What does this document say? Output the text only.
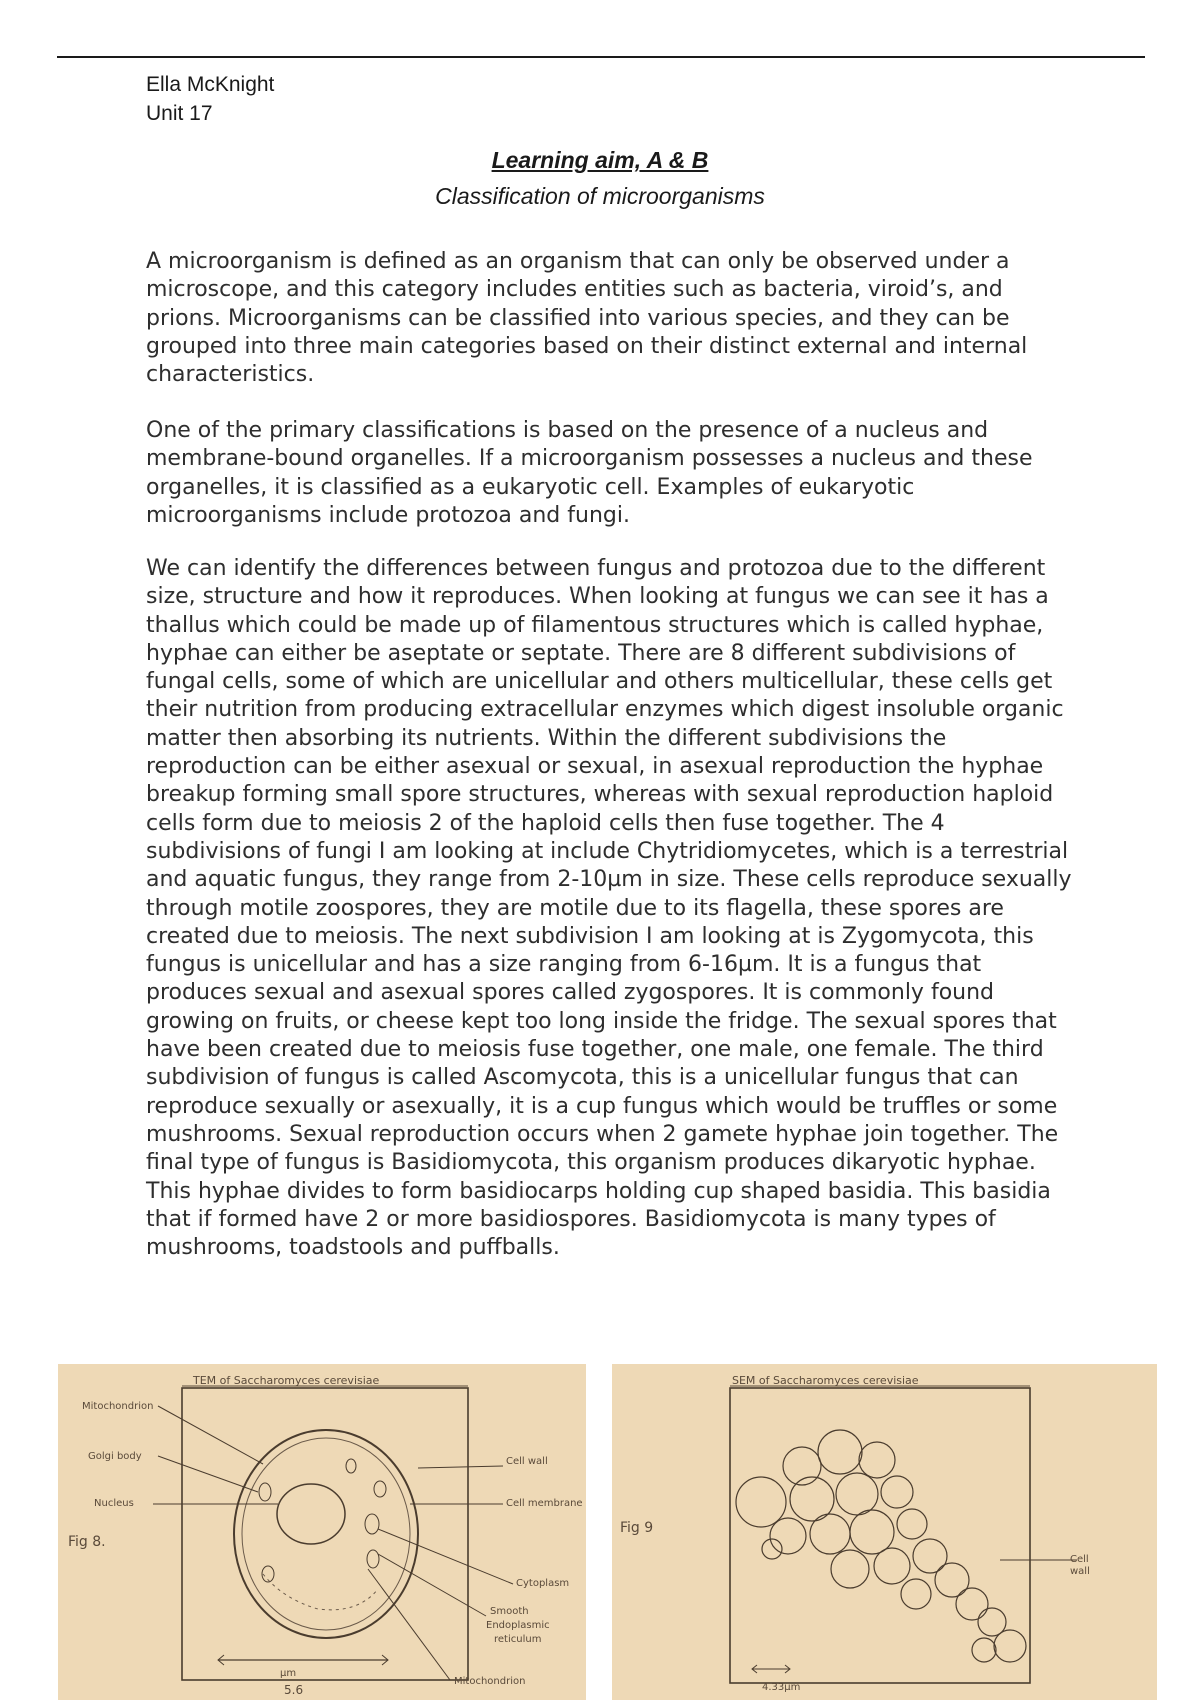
Ella McKnight
Unit 17
Learning aim, A & B
Classification of microorganisms
A microorganism is defined as an organism that can only be observed under a microscope, and this category includes entities such as bacteria, viroid’s, and prions. Microorganisms can be classified into various species, and they can be grouped into three main categories based on their distinct external and internal characteristics.
One of the primary classifications is based on the presence of a nucleus and membrane-bound organelles. If a microorganism possesses a nucleus and these organelles, it is classified as a eukaryotic cell. Examples of eukaryotic microorganisms include protozoa and fungi.
We can identify the differences between fungus and protozoa due to the different size, structure and how it reproduces. When looking at fungus we can see it has a thallus which could be made up of filamentous structures which is called hyphae, hyphae can either be aseptate or septate. There are 8 different subdivisions of fungal cells, some of which are unicellular and others multicellular, these cells get their nutrition from producing extracellular enzymes which digest insoluble organic matter then absorbing its nutrients. Within the different subdivisions the reproduction can be either asexual or sexual, in asexual reproduction the hyphae breakup forming small spore structures, whereas with sexual reproduction haploid cells form due to meiosis 2 of the haploid cells then fuse together. The 4 subdivisions of fungi I am looking at include Chytridiomycetes, which is a terrestrial and aquatic fungus, they range from 2-10µm in size. These cells reproduce sexually through motile zoospores, they are motile due to its flagella, these spores are created due to meiosis. The next subdivision I am looking at is Zygomycota, this fungus is unicellular and has a size ranging from 6-16µm. It is a fungus that produces sexual and asexual spores called zygospores. It is commonly found growing on fruits, or cheese kept too long inside the fridge. The sexual spores that have been created due to meiosis fuse together, one male, one female. The third subdivision of fungus is called Ascomycota, this is a unicellular fungus that can reproduce sexually or asexually, it is a cup fungus which would be truffles or some mushrooms. Sexual reproduction occurs when 2 gamete hyphae join together. The final type of fungus is Basidiomycota, this organism produces dikaryotic hyphae. This hyphae divides to form basidiocarps holding cup shaped basidia. This basidia that if formed have 2 or more basidiospores. Basidiomycota is many types of mushrooms, toadstools and puffballs.
TEM of Saccharomyces cerevisiae
Mitochondrion
Golgi body
Nucleus
Fig 8.
Cell wall
Cell membrane
Cytoplasm
Smooth
Endoplasmic
reticulum
Mitochondrion
µm
5.6
SEM of Saccharomyces cerevisiae
Cell
wall
Fig 9
4.33µm
